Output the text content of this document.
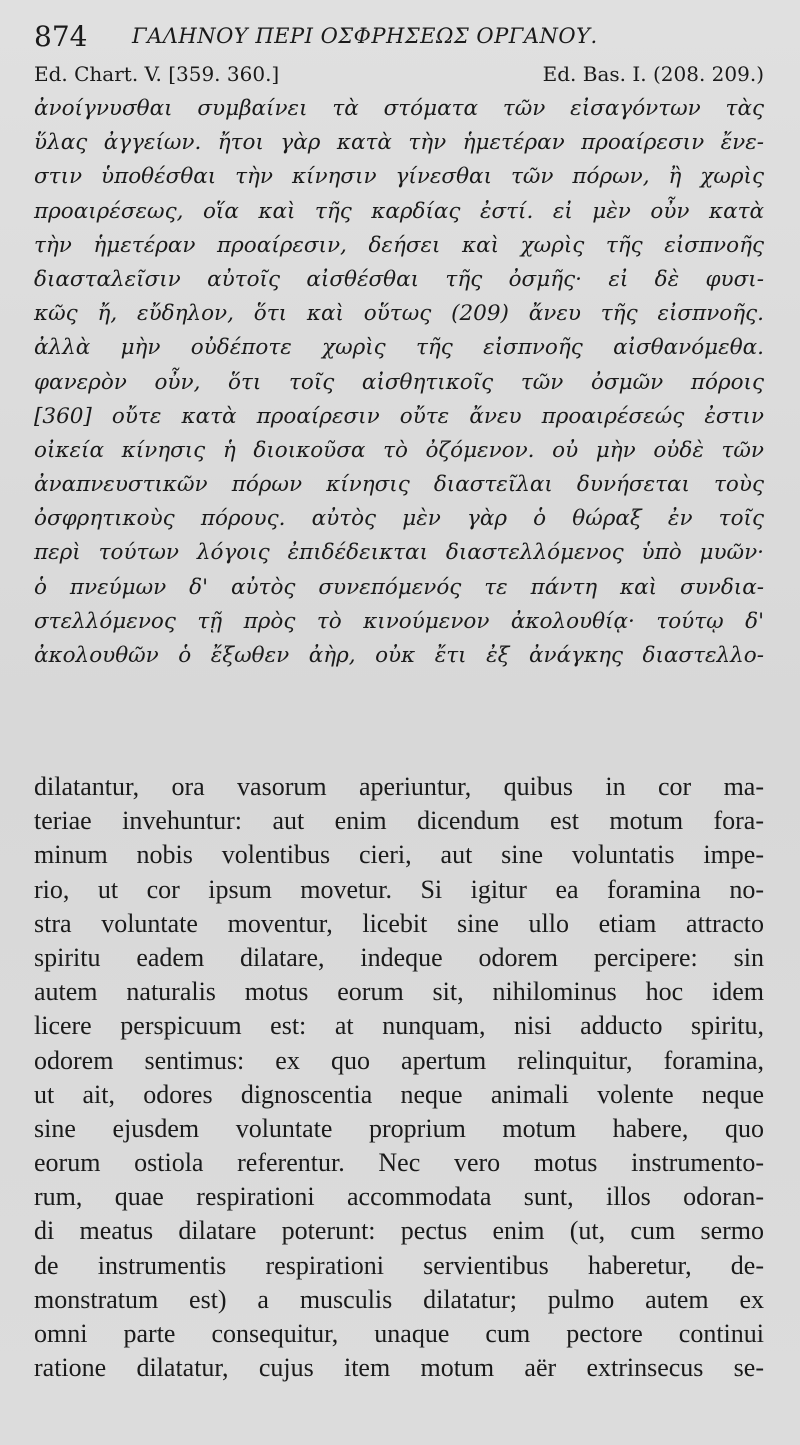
874 ΓΑΛΗΝΟΥ ΠΕΡΙ ΟΣΦΡΗΣΕΩΣ ΟΡΓΑΝΟΥ.
Ed. Chart. V. [359. 360.]	Ed. Bas. I. (208. 209.)
ἀνοίγνυσθαι συμβαίνει τὰ στόματα τῶν εἰσαγόντων τὰς
ὕλας ἀγγείων. ἤτοι γὰρ κατὰ τὴν ἡμετέραν προαίρεσιν ἔνε-
στιν ὑποθέσθαι τὴν κίνησιν γίνεσθαι τῶν πόρων, ἢ χωρὶς
προαιρέσεως, οἵα καὶ τῆς καρδίας ἐστί. εἰ μὲν οὖν κατὰ
τὴν ἡμετέραν προαίρεσιν, δεήσει καὶ χωρὶς τῆς εἰσπνοῆς
διασταλεῖσιν αὐτοῖς αἰσθέσθαι τῆς ὀσμῆς· εἰ δὲ φυσι-
κῶς ἤ, εὔδηλον, ὅτι καὶ οὕτως (209) ἄνευ τῆς εἰσπνοῆς.
ἀλλὰ μὴν οὐδέποτε χωρὶς τῆς εἰσπνοῆς αἰσθανόμεθα.
φανερὸν οὖν, ὅτι τοῖς αἰσθητικοῖς τῶν ὀσμῶν πόροις
[360] οὔτε κατὰ προαίρεσιν οὔτε ἄνευ προαιρέσεώς ἐστιν
οἰκεία κίνησις ἡ διοικοῦσα τὸ ὀζόμενον. οὐ μὴν οὐδὲ τῶν
ἀναπνευστικῶν πόρων κίνησις διαστεῖλαι δυνήσεται τοὺς
ὀσφρητικοὺς πόρους. αὐτὸς μὲν γὰρ ὁ θώραξ ἐν τοῖς
περὶ τούτων λόγοις ἐπιδέδεικται διαστελλόμενος ὑπὸ μυῶν·
ὁ πνεύμων δ' αὐτὸς συνεπόμενός τε πάντη καὶ συνδια-
στελλόμενος τῇ πρὸς τὸ κινούμενον ἀκολουθίᾳ· τούτῳ δ'
ἀκολουθῶν ὁ ἔξωθεν ἀὴρ, οὐκ ἔτι ἐξ ἀνάγκης διαστελλο-
dilatantur, ora vasorum aperiuntur, quibus in cor ma-
teriae invehuntur: aut enim dicendum est motum fora-
minum nobis volentibus cieri, aut sine voluntatis impe-
rio, ut cor ipsum movetur. Si igitur ea foramina no-
stra voluntate moventur, licebit sine ullo etiam attracto
spiritu eadem dilatare, indeque odorem percipere: sin
autem naturalis motus eorum sit, nihilominus hoc idem
licere perspicuum est: at nunquam, nisi adducto spiritu,
odorem sentimus: ex quo apertum relinquitur, foramina,
ut ait, odores dignoscentia neque animali volente neque
sine ejusdem voluntate proprium motum habere, quo
eorum ostiola referentur. Nec vero motus instrumento-
rum, quae respirationi accommodata sunt, illos odoran-
di meatus dilatare poterunt: pectus enim (ut, cum sermo
de instrumentis respirationi servientibus haberetur, de-
monstratum est) a musculis dilatatur; pulmo autem ex
omni parte consequitur, unaque cum pectore continui
ratione dilatatur, cujus item motum aër extrinsecus se-
